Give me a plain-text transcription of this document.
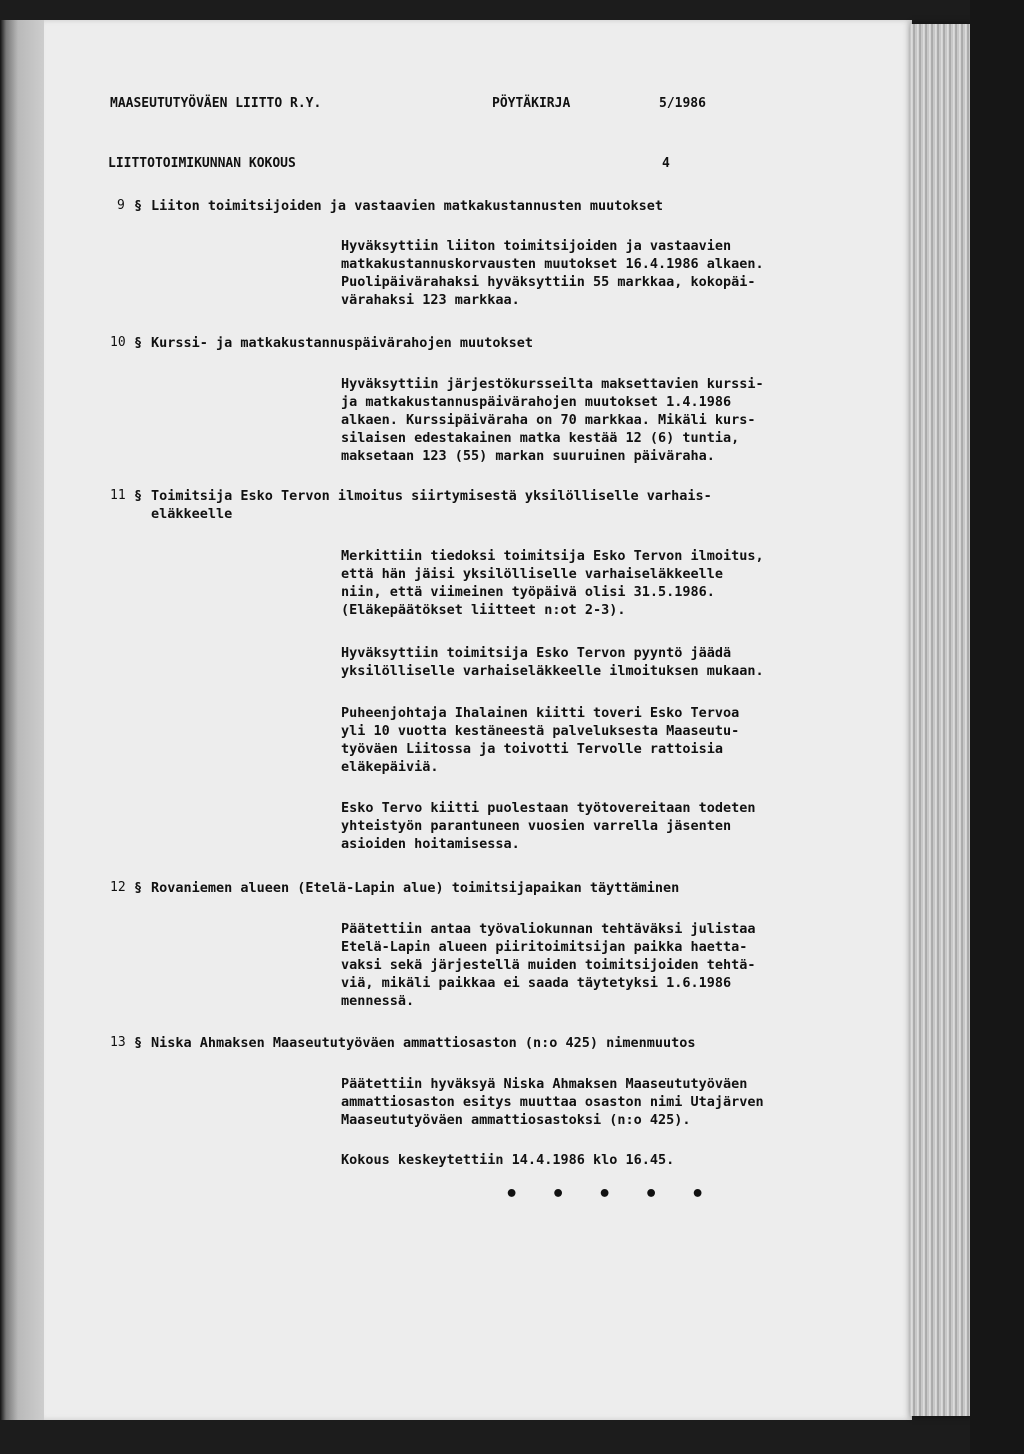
MAASEUTUTYÖVÄEN LIITTO R.Y.	PÖYTÄKIRJA	5/1986
LIITTOTOIMIKUNNAN KOKOUS	4
9 § Liiton toimitsijoiden ja vastaavien matkakustannusten muutokset
Hyväksyttiin liiton toimitsijoiden ja vastaavien
matkakustannuskorvausten muutokset 16.4.1986 alkaen.
Puolipäivärahaksi hyväksyttiin 55 markkaa, kokopäi-
värahaksi 123 markkaa.
10 § Kurssi- ja matkakustannuspäivärahojen muutokset
Hyväksyttiin järjestökursseilta maksettavien kurssi-
ja matkakustannuspäivärahojen muutokset 1.4.1986
alkaen. Kurssipäiväraha on 70 markkaa. Mikäli kurs-
silaisen edestakainen matka kestää 12 (6) tuntia,
maksetaan 123 (55) markan suuruinen päiväraha.
11 § Toimitsija Esko Tervon ilmoitus siirtymisestä yksilölliselle varhais-
eläkkeelle
Merkittiin tiedoksi toimitsija Esko Tervon ilmoitus,
että hän jäisi yksilölliselle varhaiseläkkeelle
niin, että viimeinen työpäivä olisi 31.5.1986.
(Eläkepäätökset liitteet n:ot 2-3).
Hyväksyttiin toimitsija Esko Tervon pyyntö jäädä
yksilölliselle varhaiseläkkeelle ilmoituksen mukaan.
Puheenjohtaja Ihalainen kiitti toveri Esko Tervoa
yli 10 vuotta kestäneestä palveluksesta Maaseutu-
työväen Liitossa ja toivotti Tervolle rattoisia
eläkepäiviä.
Esko Tervo kiitti puolestaan työtovereitaan todeten
yhteistyön parantuneen vuosien varrella jäsenten
asioiden hoitamisessa.
12 § Rovaniemen alueen (Etelä-Lapin alue) toimitsijapaikan täyttäminen
Päätettiin antaa työvaliokunnan tehtäväksi julistaa
Etelä-Lapin alueen piiritoimitsijan paikka haetta-
vaksi sekä järjestellä muiden toimitsijoiden tehtä-
viä, mikäli paikkaa ei saada täytetyksi 1.6.1986
mennessä.
13 § Niska Ahmaksen Maaseututyöväen ammattiosaston (n:o 425) nimenmuutos
Päätettiin hyväksyä Niska Ahmaksen Maaseututyöväen
ammattiosaston esitys muuttaa osaston nimi Utajärven
Maaseututyöväen ammattiosastoksi (n:o 425).
Kokous keskeytettiin 14.4.1986 klo 16.45.
• • • • •
